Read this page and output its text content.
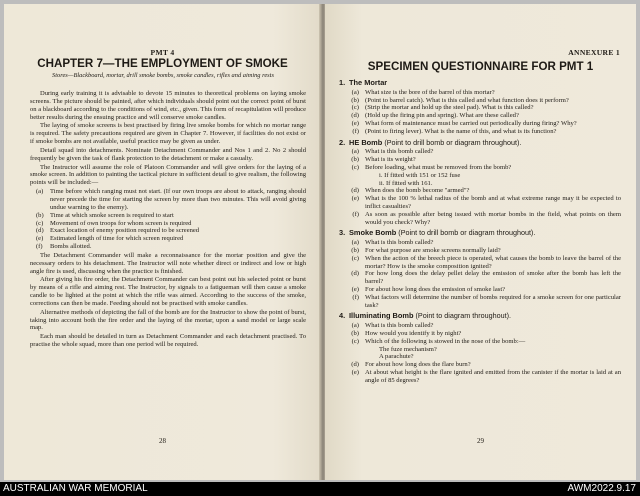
PMT 4
CHAPTER 7—THE EMPLOYMENT OF SMOKE
Stores—Blackboard, mortar, drill smoke bombs, smoke candles, rifles and aiming rests

During early training it is advisable to devote 15 minutes to theoretical problems on laying smoke screens. The picture should be painted, after which individuals should point out the correct point of burst on a blackboard according to the conditions of wind, etc., given. This form of recapitulation will produce better results during the ensuing practice and will conserve smoke candles.

The laying of smoke screens is best practised by firing live smoke bombs for which no mortar range is required. The safety precautions required are given in Chapter 7. However, if facilities do not exist or if smoke bombs are not available, useful practice may be given as under.

Detail squad into detachments. Nominate Detachment Commander and Nos 1 and 2. No 2 should frequently be given the task of flank protection to the detachment or make a casualty.

The Instructor will assume the role of Platoon Commander and will give orders for the laying of a smoke screen. In addition to painting the tactical picture in sufficient detail to give realism, the following points will be included:—

(a)	Time before which ranging must not start. (If our own troops are about to attack, ranging should never precede the time for starting the screen by more than two minutes. This will avoid giving undue warning to the enemy).
(b) Time at which smoke screen is required to start
(c)	Movement of own troops for whom screen is required
(d) Exact location of enemy position required to be screened
(e)	Estimated length of time for which screen required
(f)	Bombs allotted.

The Detachment Commander will make a reconnaissance for the mortar position and give the necessary orders to his detachment. The Instructor will note whether direct or indirect and low or high angle fire is used, discussing when the practice is finished.

After giving his fire order, the Detachment Commander can best point out his selected point or burst by means of a rifle and aiming rest. The Instructor, by signals to a fatigueman will then cause a smoke candle to be lighted at the point at which the rifle was aimed. According to the success of the smoke, corrections can then be made. Feeding should not be practised with smoke candles.

Alternative methods of depicting the fall of the bomb are for the Instructor to show the point of burst, taking into account both the fire order and the laying of the mortar, upon a sand model or large scale map.

Each man should be detailed in turn as Detachment Commander and each detachment practised. To practise the whole squad, more than one period will be required.

28
ANNEXURE 1
SPECIMEN QUESTIONNAIRE FOR PMT 1
1. The Mortar
(a) What size is the bore of the barrel of this mortar?
(b) (Point to barrel catch). What is this called and what function does it perform?
(c) (Strip the mortar and hold up the steel pad). What is this called?
(d) (Hold up the firing pin and spring). What are these called?
(e) What form of maintenance must be carried out periodically during firing? Why?
(f) (Point to firing lever). What is the name of this, and what is its function?
2. HE Bomb (Point to drill bomb or diagram throughout).
(a) What is this bomb called?
(b) What is its weight?
(c) Before loading, what must be removed from the bomb?
i. If fitted with 151 or 152 fuse
ii. If fitted with 161.
(d) When does the bomb become "armed"?
(e) What is the 100 % lethal radius of the bomb and at what extreme range may it be expected to inflict casualties?
(f) As soon as possible after being issued with mortar bombs in the field, what points on them would you check? Why?
3. Smoke Bomb (Point to drill bomb or diagram throughout).
(a) What is this bomb called?
(b) For what purpose are smoke screens normally laid?
(c) When the action of the breech piece is operated, what causes the bomb to leave the barrel of the mortar? How is the smoke composition ignited?
(d) For how long does the delay pellet delay the emission of smoke after the bomb has left the barrel?
(e) For about how long does the emission of smoke last?
(f) What factors will determine the number of bombs required for a smoke screen for one particular task?
4. Illuminating Bomb (Point to diagram throughout).
(a) What is this bomb called?
(b) How would you identify it by night?
(c) Which of the following is stowed in the nose of the bomb:—
The fuze mechanism?
A parachute?
(d) For about how long does the flare burn?
(e) At about what height is the flare ignited and emitted from the canister if the mortar is laid at an angle of 85 degrees?
29
AUSTRALIAN WAR MEMORIAL	AWM2022.9.17
